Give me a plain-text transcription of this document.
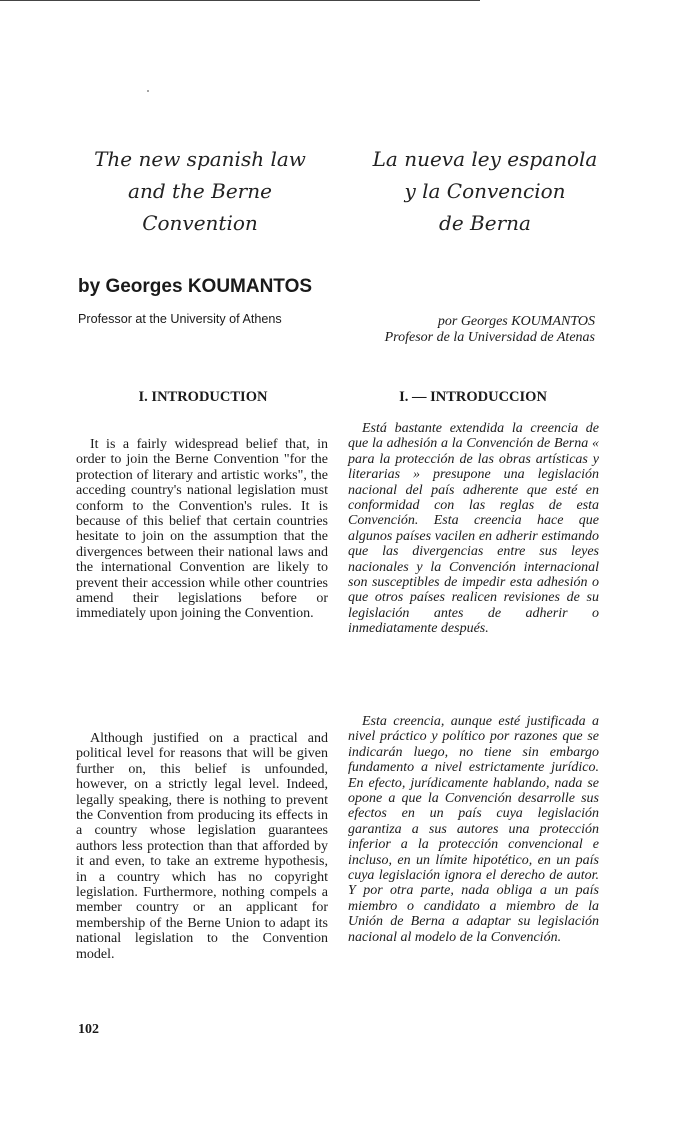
The new spanish law
and the Berne
Convention
La nueva ley espanola
y la Convencion
de Berna
by Georges KOUMANTOS
Professor at the University of Athens	por Georges KOUMANTOS
Profesor de la Universidad de Atenas
I. INTRODUCTION	I. — INTRODUCCION

It is a fairly widespread belief that, in order to join the Berne Convention "for the protection of literary and artistic works", the acceding country's national legislation must conform to the Convention's rules. It is because of this belief that certain countries hesitate to join on the assumption that the divergences between their national laws and the international Convention are likely to prevent their accession while other countries amend their legislations before or immediately upon joining the Convention.

Although justified on a practical and political level for reasons that will be given further on, this belief is unfounded, however, on a strictly legal level. Indeed, legally speaking, there is nothing to prevent the Convention from producing its effects in a country whose legislation guarantees authors less protection than that afforded by it and even, to take an extreme hypothesis, in a country which has no copyright legislation. Furthermore, nothing compels a member country or an applicant for membership of the Berne Union to adapt its national legislation to the Convention model.

Está bastante extendida la creencia de que la adhesión a la Convención de Berna « para la protección de las obras artísticas y literarias » presupone una legislación nacional del país adherente que esté en conformidad con las reglas de esta Convención. Esta creencia hace que algunos países vacilen en adherir estimando que las divergencias entre sus leyes nacionales y la Convención internacional son susceptibles de impedir esta adhesión o que otros países realicen revisiones de su legislación antes de adherir o inmediatamente después.

Esta creencia, aunque esté justificada a nivel práctico y político por razones que se indicarán luego, no tiene sin embargo fundamento a nivel estrictamente jurídico. En efecto, jurídicamente hablando, nada se opone a que la Convención desarrolle sus efectos en un país cuya legislación garantiza a sus autores una protección inferior a la protección convencional e incluso, en un límite hipotético, en un país cuya legislación ignora el derecho de autor. Y por otra parte, nada obliga a un país miembro o candidato a miembro de la Unión de Berna a adaptar su legislación nacional al modelo de la Convención.

102
